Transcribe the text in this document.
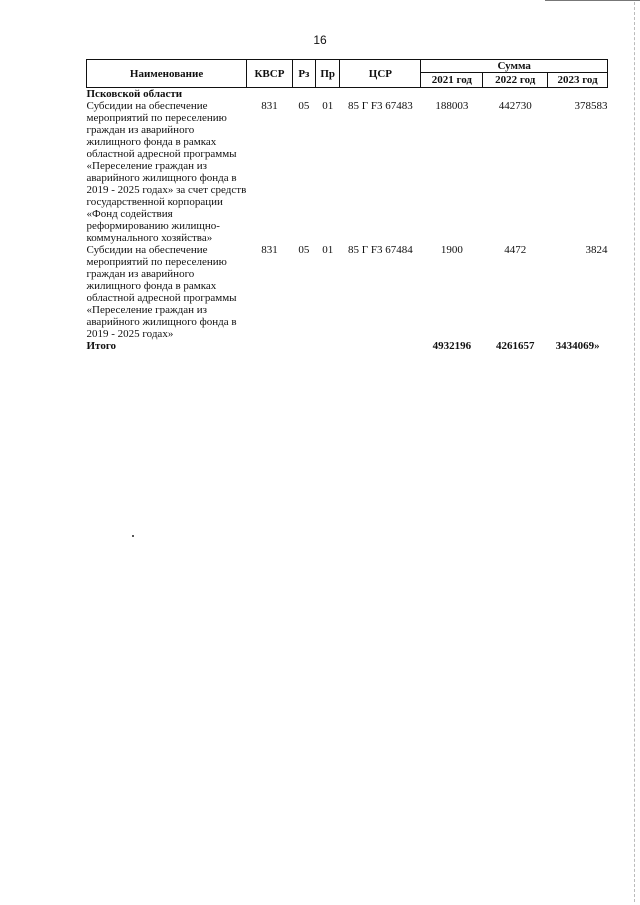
16
Наименование	КВСР	Рз	Пр	ЦСР	Сумма		
					2021 год	2022 год	2023 год
Псковской области							
Субсидии на обеспечение мероприятий по переселению граждан из аварийного жилищного фонда в рамках областной адресной программы «Переселение граждан из аварийного жилищного фонда в 2019 - 2025 годах» за счет средств государственной корпорации «Фонд содействия реформированию жилищно-коммунального хозяйства»	831	05	01	85 Г F3 67483	188003	442730	378583
Субсидии на обеспечение мероприятий по переселению граждан из аварийного жилищного фонда в рамках областной адресной программы «Переселение граждан из аварийного жилищного фонда в 2019 - 2025 годах»	831	05	01	85 Г F3 67484	1900	4472	3824
Итого					4932196	4261657	3434069»
